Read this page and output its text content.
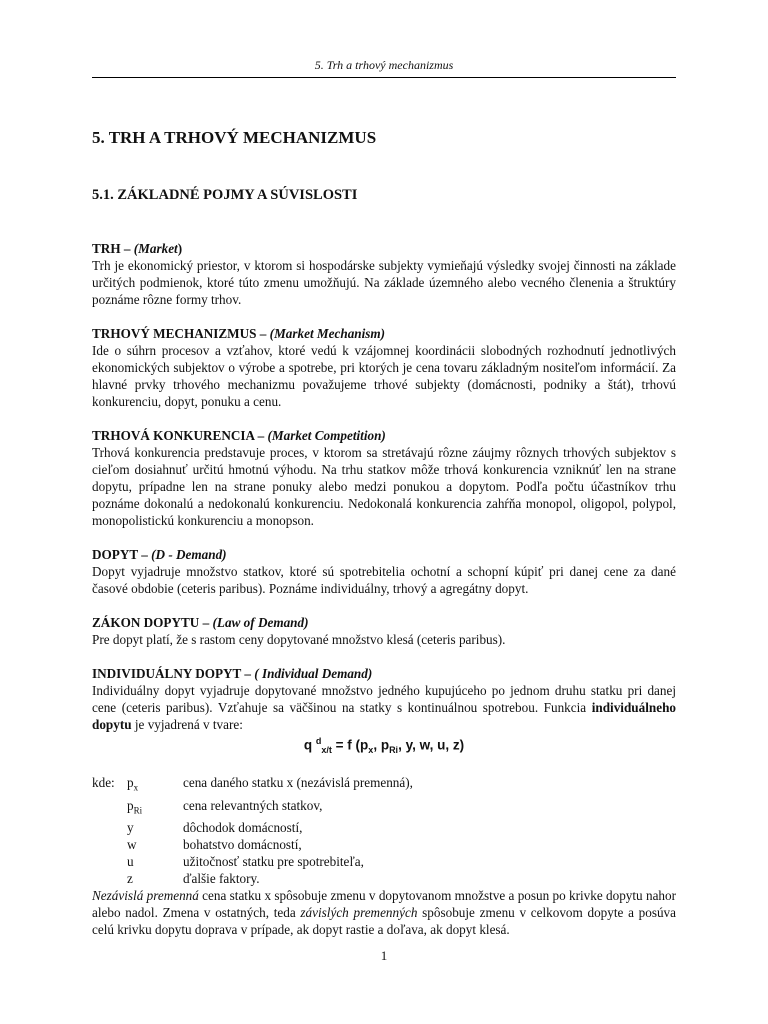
5. Trh a trhový mechanizmus
5. TRH A TRHOVÝ MECHANIZMUS
5.1. ZÁKLADNÉ POJMY A SÚVISLOSTI
TRH – (Market)

Trh je ekonomický priestor, v ktorom si hospodárske subjekty vymieňajú výsledky svojej činnosti na základe určitých podmienok, ktoré túto zmenu umožňujú. Na základe územného alebo vecného členenia a štruktúry poznáme rôzne formy trhov.

TRHOVÝ MECHANIZMUS – (Market Mechanism)

Ide o súhrn procesov a vzťahov, ktoré vedú k vzájomnej koordinácii slobodných rozhodnutí jednotlivých ekonomických subjektov o výrobe a spotrebe, pri ktorých je cena tovaru základným nositeľom informácií. Za hlavné prvky trhového mechanizmu považujeme trhové subjekty (domácnosti, podniky a štát), trhovú konkurenciu, dopyt, ponuku a cenu.

TRHOVÁ KONKURENCIA – (Market Competition)

Trhová konkurencia predstavuje proces, v ktorom sa stretávajú rôzne záujmy rôznych trhových subjektov s cieľom dosiahnuť určitú hmotnú výhodu. Na trhu statkov môže trhová konkurencia vzniknúť len na strane dopytu, prípadne len na strane ponuky alebo medzi ponukou a dopytom. Podľa počtu účastníkov trhu poznáme dokonalú a nedokonalú konkurenciu. Nedokonalá konkurencia zahŕňa monopol, oligopol, polypol, monopolistickú konkurenciu a monopson.

DOPYT – (D - Demand)

Dopyt vyjadruje množstvo statkov, ktoré sú spotrebitelia ochotní a schopní kúpiť pri danej cene za dané časové obdobie (ceteris paribus). Poznáme individuálny, trhový a agregátny dopyt.

ZÁKON DOPYTU – (Law of Demand)

Pre dopyt platí, že s rastom ceny dopytované množstvo klesá (ceteris paribus).

INDIVIDUÁLNY DOPYT – ( Individual Demand)

Individuálny dopyt vyjadruje dopytované množstvo jedného kupujúceho po jednom druhu statku pri danej cene (ceteris paribus). Vzťahuje sa väčšinou na statky s kontinuálnou spotrebou. Funkcia individuálneho dopytu je vyjadrená v tvare:

q $^d_{x/t}$ = f ($p_x$, $p_{Ri}$, y, w, u, z)
kde:	$p_x$	cena daného statku x (nezávislá premenná),
	$p_{Ri}$	cena relevantných statkov,
	y	dôchodok domácností,
	w	bohatstvo domácností,
	u	užitočnosť statku pre spotrebiteľa,
	z	ďalšie faktory.

Nezávislá premenná cena statku x spôsobuje zmenu v dopytovanom množstve a posun po krivke dopytu nahor alebo nadol. Zmena v ostatných, teda závislých premenných spôsobuje zmenu v celkovom dopyte a posúva celú krivku dopytu doprava v prípade, ak dopyt rastie a doľava, ak dopyt klesá.

1
